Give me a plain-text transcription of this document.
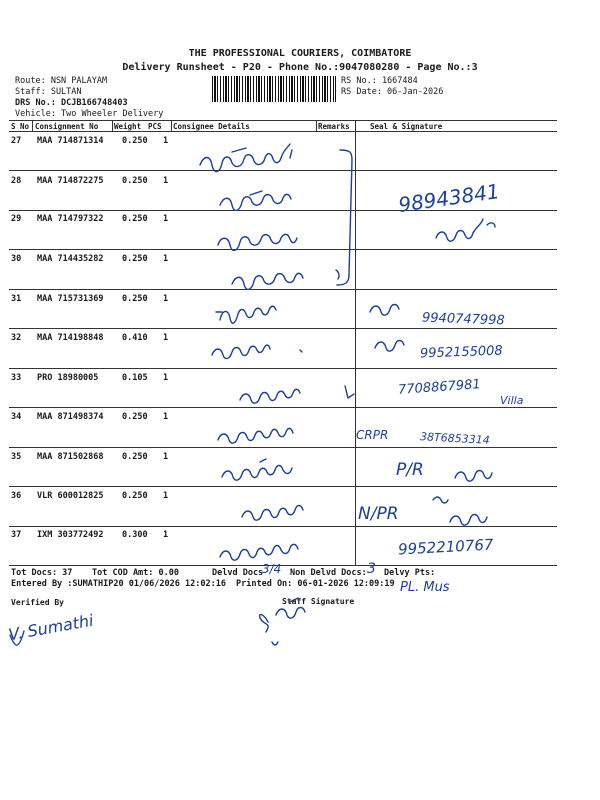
THE PROFESSIONAL COURIERS, COIMBATORE
Delivery Runsheet - P20 - Phone No.:9047080280 - Page No.:3
Route: NSN PALAYAM
Staff: SULTAN
DRS No.: DCJB166748403
Vehicle: Two Wheeler Delivery
RS No.: 1667484
RS Date: 06-Jan-2026
S No Consignment No Weight PCS Consignee Details	Remarks	Seal & Signature
27 MAA 714871314 0.250 1
28 MAA 714872275 0.250 1
29 MAA 714797322 0.250 1
30 MAA 714435282 0.250 1
31 MAA 715731369 0.250 1
32 MAA 714198848 0.410 1
33 PRO 18980005	0.105 1
34 MAA 871498374 0.250 1
35 MAA 871502868 0.250 1
36 VLR 600012825 0.250 1
37 IXM 303772492 0.300 1
98943841
9940747998
9952155008
7708867981
Villa
CRPR	38T6853314
P/R
N/PR
9952210767
PL. Mus
Tot Docs: 37 Tot COD Amt: 0.00	Delvd Docs
3/4 Non Delvd Docs: 3 Delvy Pts:
Entered By :SUMATHIP20 01/06/2026 12:02:16 Printed On: 06-01-2026 12:09:19
Verified By	Staff Signature
V. Sumathi
